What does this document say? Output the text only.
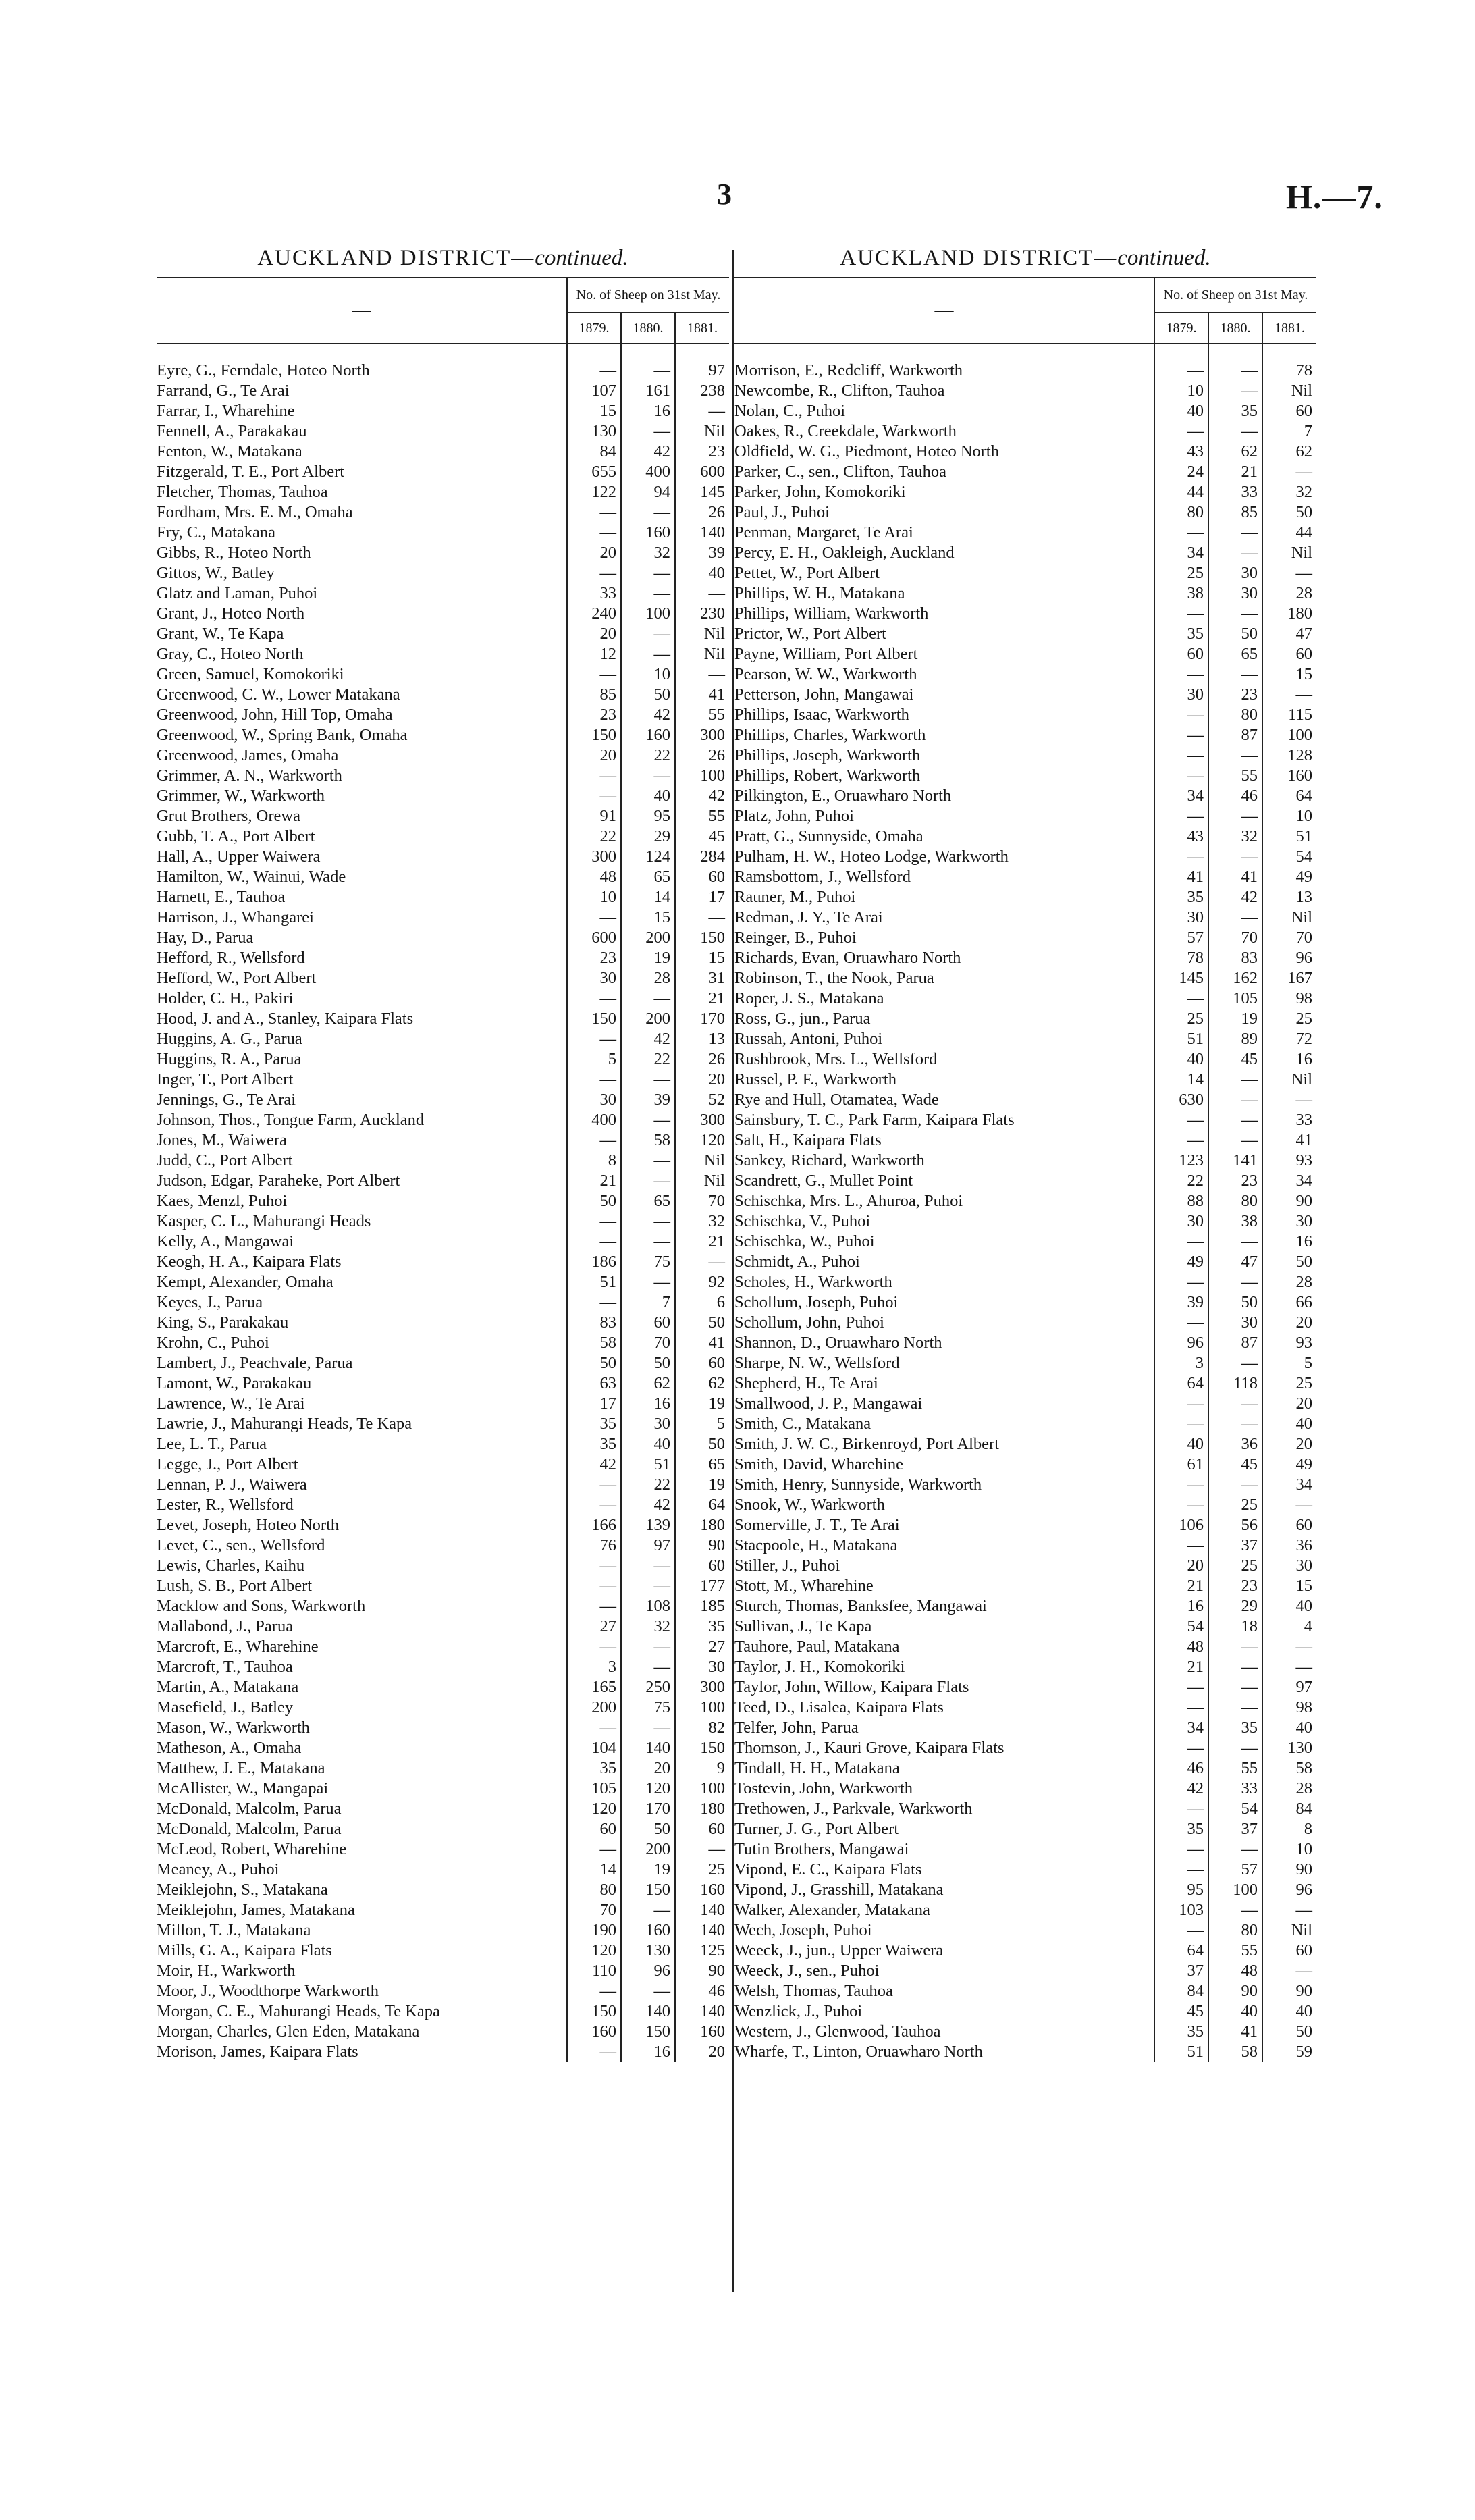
3	H.—7.
AUCKLAND DISTRICT—continued.
—	No. of Sheep on 31st May.		
	1879.	1880.	1881.

Eyre, G., Ferndale, Hoteo North	—	—	97
Farrand, G., Te Arai	107	161	238
Farrar, I., Wharehine	15	16	—
Fennell, A., Parakakau	130	—	Nil
Fenton, W., Matakana	84	42	23
Fitzgerald, T. E., Port Albert	655	400	600
Fletcher, Thomas, Tauhoa	122	94	145
Fordham, Mrs. E. M., Omaha	—	—	26
Fry, C., Matakana	—	160	140
Gibbs, R., Hoteo North	20	32	39
Gittos, W., Batley	—	—	40
Glatz and Laman, Puhoi	33	—	—
Grant, J., Hoteo North	240	100	230
Grant, W., Te Kapa	20	—	Nil
Gray, C., Hoteo North	12	—	Nil
Green, Samuel, Komokoriki	—	10	—
Greenwood, C. W., Lower Matakana	85	50	41
Greenwood, John, Hill Top, Omaha	23	42	55
Greenwood, W., Spring Bank, Omaha	150	160	300
Greenwood, James, Omaha	20	22	26
Grimmer, A. N., Warkworth	—	—	100
Grimmer, W., Warkworth	—	40	42
Grut Brothers, Orewa	91	95	55
Gubb, T. A., Port Albert	22	29	45
Hall, A., Upper Waiwera	300	124	284
Hamilton, W., Wainui, Wade	48	65	60
Harnett, E., Tauhoa	10	14	17
Harrison, J., Whangarei	—	15	—
Hay, D., Parua	600	200	150
Hefford, R., Wellsford	23	19	15
Hefford, W., Port Albert	30	28	31
Holder, C. H., Pakiri	—	—	21
Hood, J. and A., Stanley, Kaipara Flats	150	200	170
Huggins, A. G., Parua	—	42	13
Huggins, R. A., Parua	5	22	26
Inger, T., Port Albert	—	—	20
Jennings, G., Te Arai	30	39	52
Johnson, Thos., Tongue Farm, Auckland	400	—	300
Jones, M., Waiwera	—	58	120
Judd, C., Port Albert	8	—	Nil
Judson, Edgar, Paraheke, Port Albert	21	—	Nil
Kaes, Menzl, Puhoi	50	65	70
Kasper, C. L., Mahurangi Heads	—	—	32
Kelly, A., Mangawai	—	—	21
Keogh, H. A., Kaipara Flats	186	75	—
Kempt, Alexander, Omaha	51	—	92
Keyes, J., Parua	—	7	6
King, S., Parakakau	83	60	50
Krohn, C., Puhoi	58	70	41
Lambert, J., Peachvale, Parua	50	50	60
Lamont, W., Parakakau	63	62	62
Lawrence, W., Te Arai	17	16	19
Lawrie, J., Mahurangi Heads, Te Kapa	35	30	5
Lee, L. T., Parua	35	40	50
Legge, J., Port Albert	42	51	65
Lennan, P. J., Waiwera	—	22	19
Lester, R., Wellsford	—	42	64
Levet, Joseph, Hoteo North	166	139	180
Levet, C., sen., Wellsford	76	97	90
Lewis, Charles, Kaihu	—	—	60
Lush, S. B., Port Albert	—	—	177
Macklow and Sons, Warkworth	—	108	185
Mallabond, J., Parua	27	32	35
Marcroft, E., Wharehine	—	—	27
Marcroft, T., Tauhoa	3	—	30
Martin, A., Matakana	165	250	300
Masefield, J., Batley	200	75	100
Mason, W., Warkworth	—	—	82
Matheson, A., Omaha	104	140	150
Matthew, J. E., Matakana	35	20	9
McAllister, W., Mangapai	105	120	100
McDonald, Malcolm, Parua	120	170	180
McDonald, Malcolm, Parua	60	50	60
McLeod, Robert, Wharehine	—	200	—
Meaney, A., Puhoi	14	19	25
Meiklejohn, S., Matakana	80	150	160
Meiklejohn, James, Matakana	70	—	140
Millon, T. J., Matakana	190	160	140
Mills, G. A., Kaipara Flats	120	130	125
Moir, H., Warkworth	110	96	90
Moor, J., Woodthorpe Warkworth	—	—	46
Morgan, C. E., Mahurangi Heads, Te Kapa	150	140	140
Morgan, Charles, Glen Eden, Matakana	160	150	160
Morison, James, Kaipara Flats	—	16	20
AUCKLAND DISTRICT—continued.
—	No. of Sheep on 31st May.		
	1879.	1880.	1881.

Morrison, E., Redcliff, Warkworth	—	—	78
Newcombe, R., Clifton, Tauhoa	10	—	Nil
Nolan, C., Puhoi	40	35	60
Oakes, R., Creekdale, Warkworth	—	—	7
Oldfield, W. G., Piedmont, Hoteo North	43	62	62
Parker, C., sen., Clifton, Tauhoa	24	21	—
Parker, John, Komokoriki	44	33	32
Paul, J., Puhoi	80	85	50
Penman, Margaret, Te Arai	—	—	44
Percy, E. H., Oakleigh, Auckland	34	—	Nil
Pettet, W., Port Albert	25	30	—
Phillips, W. H., Matakana	38	30	28
Phillips, William, Warkworth	—	—	180
Prictor, W., Port Albert	35	50	47
Payne, William, Port Albert	60	65	60
Pearson, W. W., Warkworth	—	—	15
Petterson, John, Mangawai	30	23	—
Phillips, Isaac, Warkworth	—	80	115
Phillips, Charles, Warkworth	—	87	100
Phillips, Joseph, Warkworth	—	—	128
Phillips, Robert, Warkworth	—	55	160
Pilkington, E., Oruawharo North	34	46	64
Platz, John, Puhoi	—	—	10
Pratt, G., Sunnyside, Omaha	43	32	51
Pulham, H. W., Hoteo Lodge, Warkworth	—	—	54
Ramsbottom, J., Wellsford	41	41	49
Rauner, M., Puhoi	35	42	13
Redman, J. Y., Te Arai	30	—	Nil
Reinger, B., Puhoi	57	70	70
Richards, Evan, Oruawharo North	78	83	96
Robinson, T., the Nook, Parua	145	162	167
Roper, J. S., Matakana	—	105	98
Ross, G., jun., Parua	25	19	25
Russah, Antoni, Puhoi	51	89	72
Rushbrook, Mrs. L., Wellsford	40	45	16
Russel, P. F., Warkworth	14	—	Nil
Rye and Hull, Otamatea, Wade	630	—	—
Sainsbury, T. C., Park Farm, Kaipara Flats	—	—	33
Salt, H., Kaipara Flats	—	—	41
Sankey, Richard, Warkworth	123	141	93
Scandrett, G., Mullet Point	22	23	34
Schischka, Mrs. L., Ahuroa, Puhoi	88	80	90
Schischka, V., Puhoi	30	38	30
Schischka, W., Puhoi	—	—	16
Schmidt, A., Puhoi	49	47	50
Scholes, H., Warkworth	—	—	28
Schollum, Joseph, Puhoi	39	50	66
Schollum, John, Puhoi	—	30	20
Shannon, D., Oruawharo North	96	87	93
Sharpe, N. W., Wellsford	3	—	5
Shepherd, H., Te Arai	64	118	25
Smallwood, J. P., Mangawai	—	—	20
Smith, C., Matakana	—	—	40
Smith, J. W. C., Birkenroyd, Port Albert	40	36	20
Smith, David, Wharehine	61	45	49
Smith, Henry, Sunnyside, Warkworth	—	—	34
Snook, W., Warkworth	—	25	—
Somerville, J. T., Te Arai	106	56	60
Stacpoole, H., Matakana	—	37	36
Stiller, J., Puhoi	20	25	30
Stott, M., Wharehine	21	23	15
Sturch, Thomas, Banksfee, Mangawai	16	29	40
Sullivan, J., Te Kapa	54	18	4
Tauhore, Paul, Matakana	48	—	—
Taylor, J. H., Komokoriki	21	—	—
Taylor, John, Willow, Kaipara Flats	—	—	97
Teed, D., Lisalea, Kaipara Flats	—	—	98
Telfer, John, Parua	34	35	40
Thomson, J., Kauri Grove, Kaipara Flats	—	—	130
Tindall, H. H., Matakana	46	55	58
Tostevin, John, Warkworth	42	33	28
Trethowen, J., Parkvale, Warkworth	—	54	84
Turner, J. G., Port Albert	35	37	8
Tutin Brothers, Mangawai	—	—	10
Vipond, E. C., Kaipara Flats	—	57	90
Vipond, J., Grasshill, Matakana	95	100	96
Walker, Alexander, Matakana	103	—	—
Wech, Joseph, Puhoi	—	80	Nil
Weeck, J., jun., Upper Waiwera	64	55	60
Weeck, J., sen., Puhoi	37	48	—
Welsh, Thomas, Tauhoa	84	90	90
Wenzlick, J., Puhoi	45	40	40
Western, J., Glenwood, Tauhoa	35	41	50
Wharfe, T., Linton, Oruawharo North	51	58	59
